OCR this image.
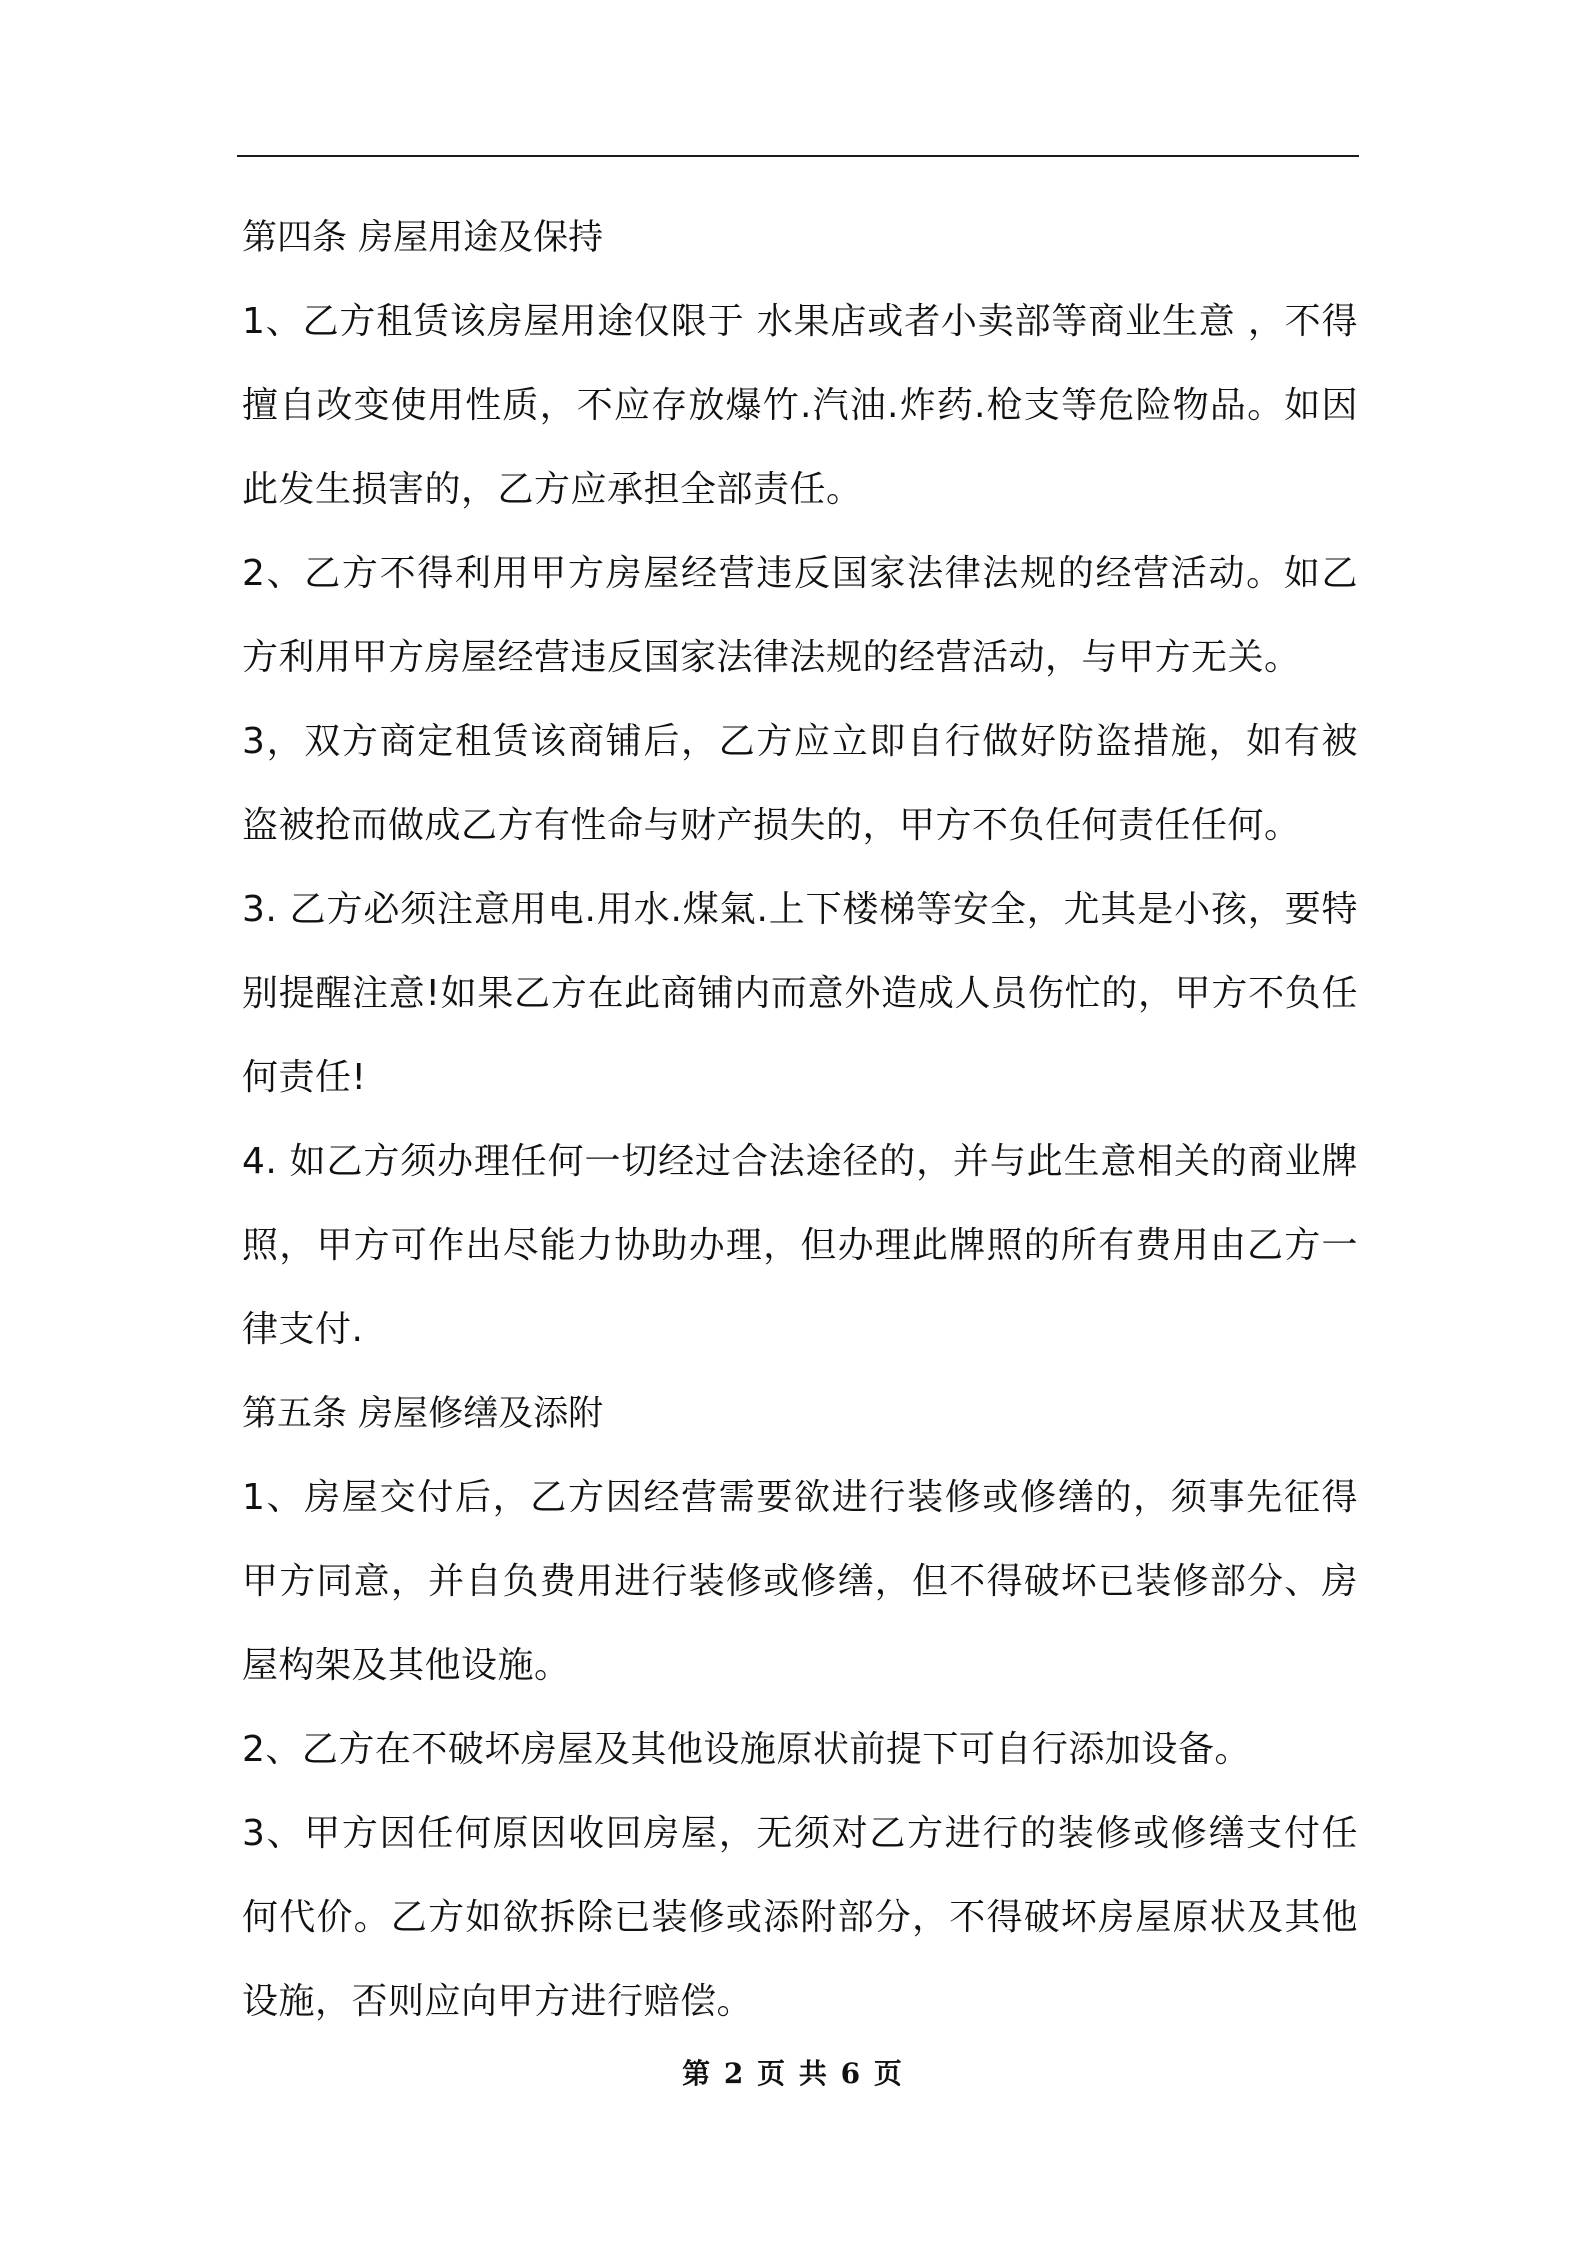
第四条 房屋用途及保持

1、乙方租赁该房屋用途仅限于 水果店或者小卖部等商业生意 ，不得擅自改变使用性质，不应存放爆竹.汽油.炸药.枪支等危险物品。如因此发生损害的，乙方应承担全部责任。

2、乙方不得利用甲方房屋经营违反国家法律法规的经营活动。如乙方利用甲方房屋经营违反国家法律法规的经营活动，与甲方无关。

3，双方商定租赁该商铺后，乙方应立即自行做好防盗措施，如有被盗被抢而做成乙方有性命与财产损失的，甲方不负任何责任任何。

3. 乙方必须注意用电.用水.煤氣.上下楼梯等安全，尤其是小孩，要特别提醒注意!如果乙方在此商铺内而意外造成人员伤忙的，甲方不负任何责任!

4. 如乙方须办理任何一切经过合法途径的，并与此生意相关的商业牌照，甲方可作出尽能力协助办理，但办理此牌照的所有费用由乙方一律支付.

第五条 房屋修缮及添附

1、房屋交付后，乙方因经营需要欲进行装修或修缮的，须事先征得甲方同意，并自负费用进行装修或修缮，但不得破坏已装修部分、房屋构架及其他设施。

2、乙方在不破坏房屋及其他设施原状前提下可自行添加设备。

3、甲方因任何原因收回房屋，无须对乙方进行的装修或修缮支付任何代价。乙方如欲拆除已装修或添附部分，不得破坏房屋原状及其他设施，否则应向甲方进行赔偿。

第 2 页 共 6 页
